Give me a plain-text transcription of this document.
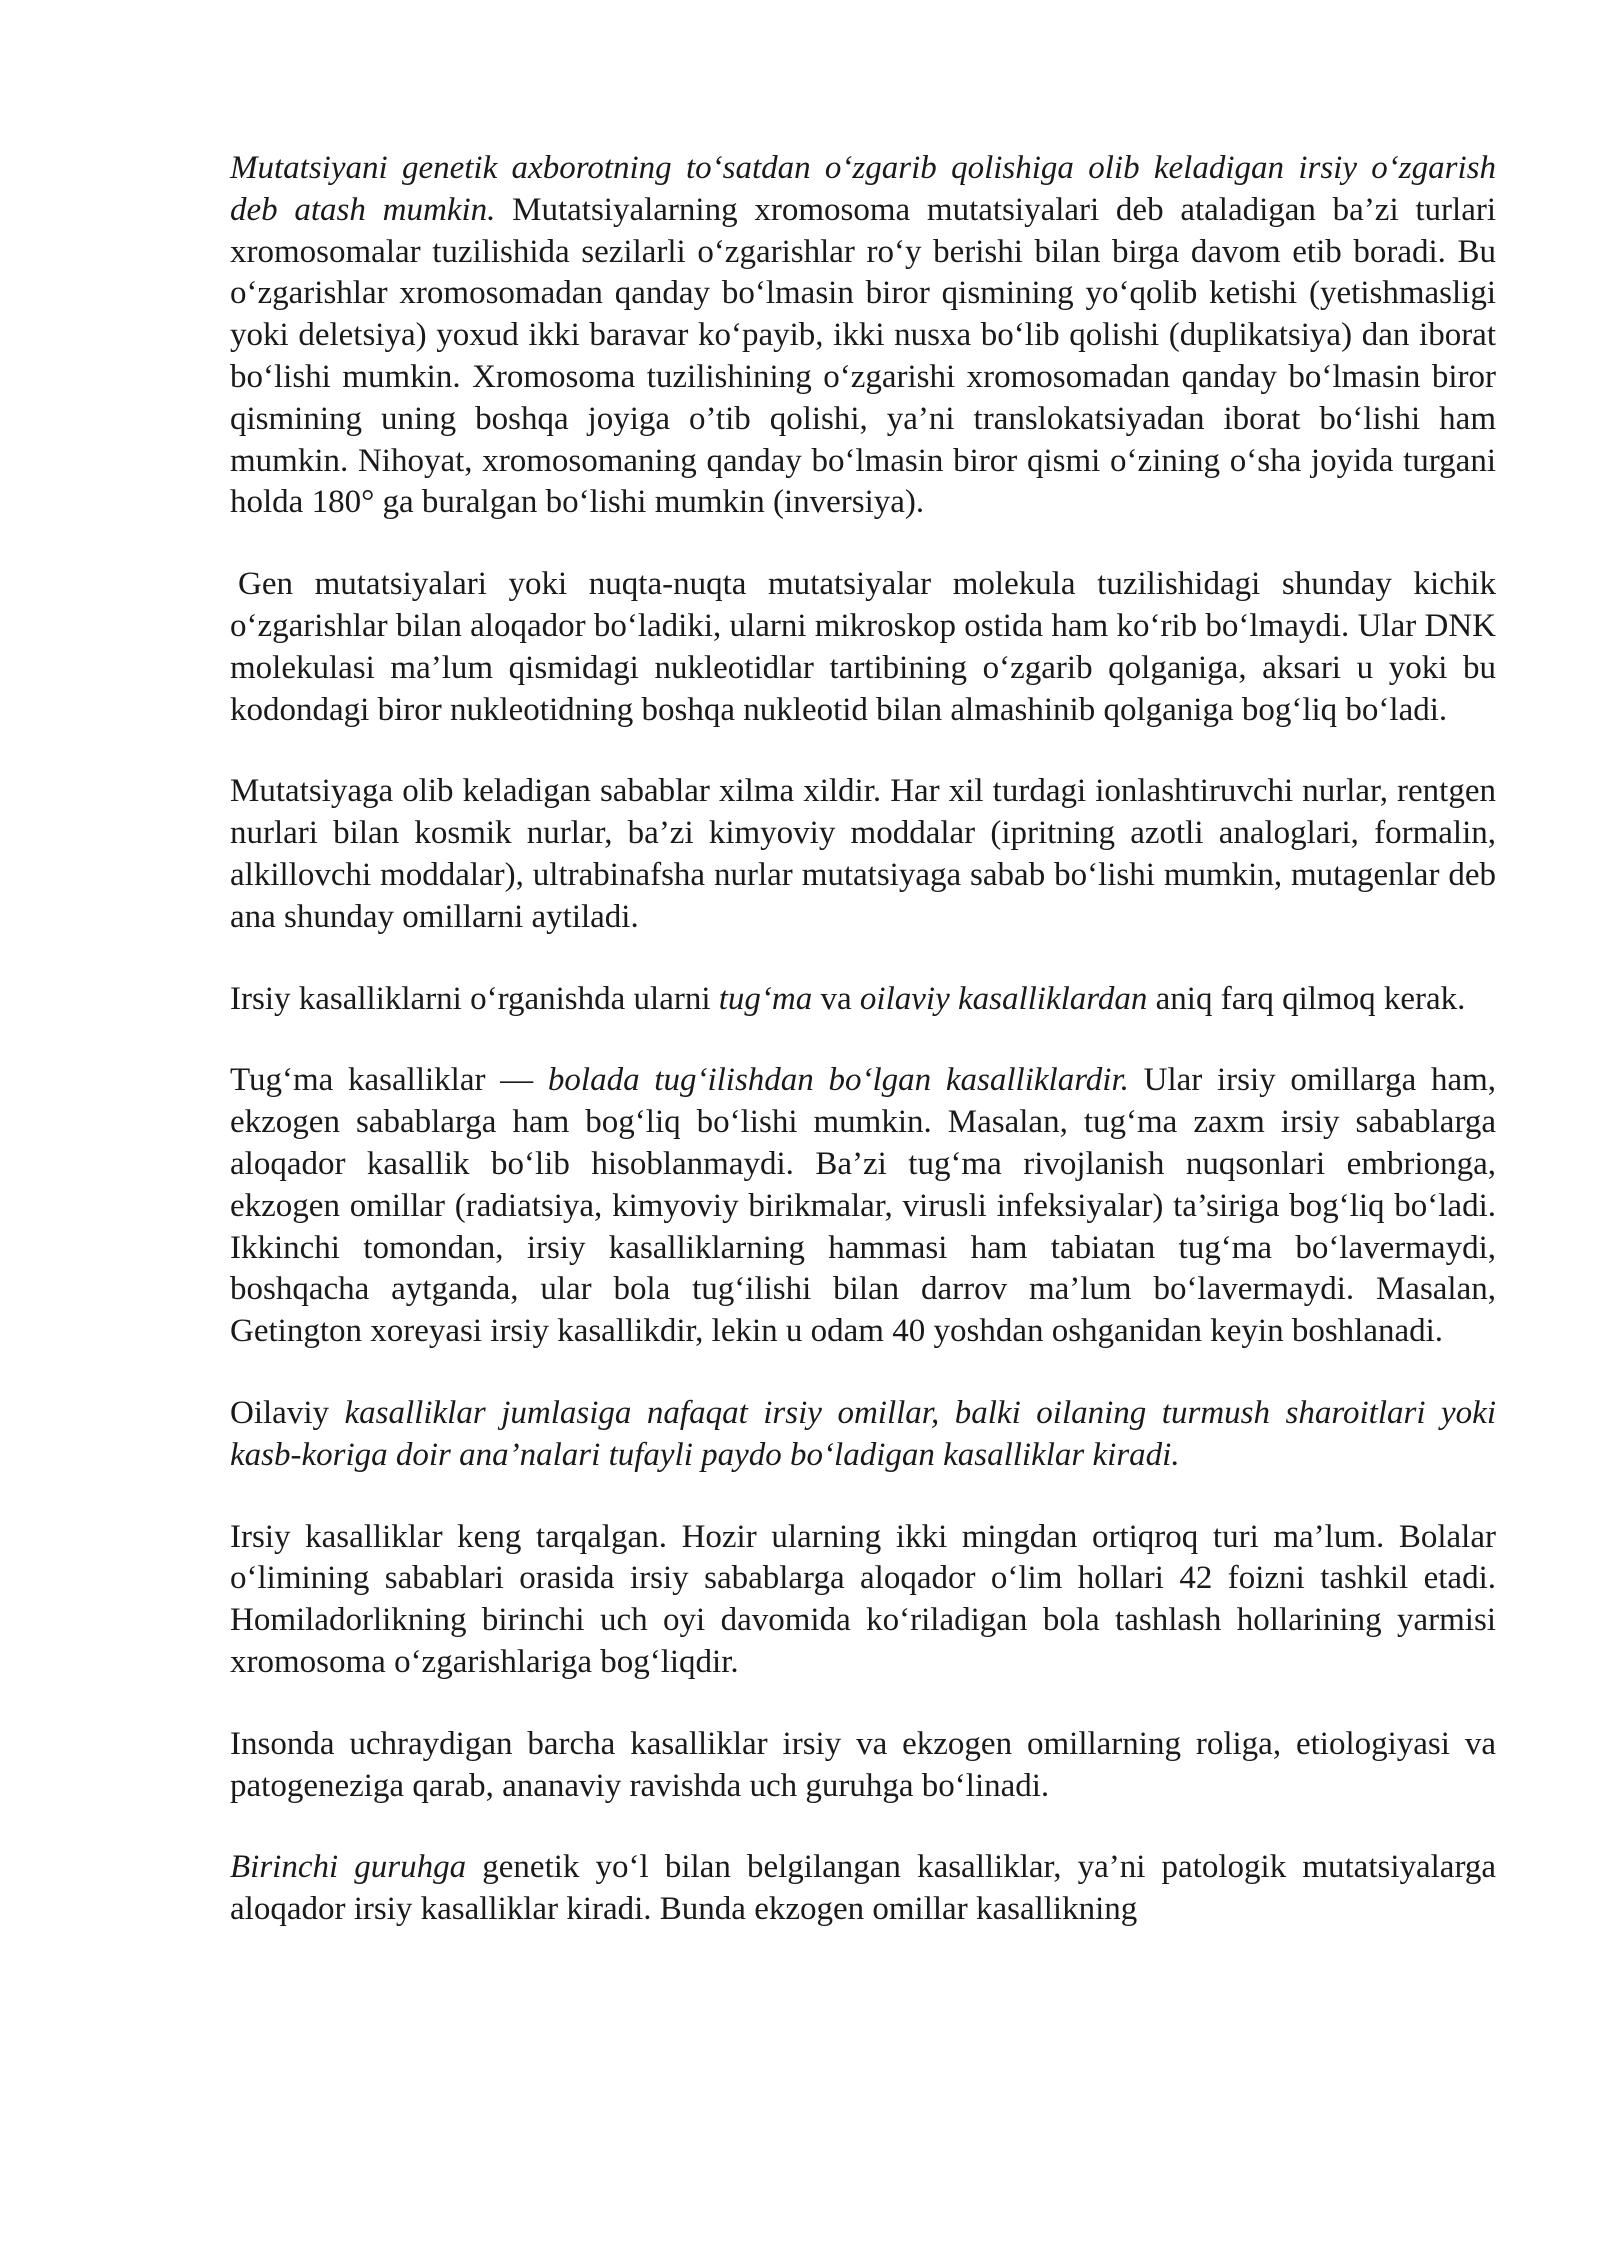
Mutatsiyani genetik axborotning toʻsatdan oʻzgarib qolishiga olib keladigan irsiy oʻzgarish deb atash mumkin. Mutatsiyalarning xromosoma mutatsiyalari deb ataladigan ba’zi turlari xromosomalar tuzilishida sezilarli oʻzgarishlar roʻy berishi bilan birga davom etib boradi. Bu oʻzgarishlar xromosomadan qanday boʻlmasin biror qismining yoʻqolib ketishi (yetishmasligi yoki deletsiya) yoxud ikki baravar koʻpayib, ikki nusxa boʻlib qolishi (duplikatsiya) dan iborat boʻlishi mumkin. Xromosoma tuzilishining oʻzgarishi xromosomadan qanday boʻlmasin biror qismining uning boshqa joyiga o’tib qolishi, ya’ni translokatsiyadan iborat boʻlishi ham mumkin. Nihoyat, xromosomaning qanday boʻlmasin biror qismi oʻzining oʻsha joyida turgani holda 180° ga buralgan boʻlishi mumkin (inversiya).

Gen mutatsiyalari yoki nuqta-nuqta mutatsiyalar molekula tuzilishidagi shunday kichik oʻzgarishlar bilan aloqador boʻladiki, ularni mikroskop ostida ham koʻrib boʻlmaydi. Ular DNK molekulasi ma’lum qismidagi nukleotidlar tartibining oʻzgarib qolganiga, aksari u yoki bu kodondagi biror nukleotidning boshqa nukleotid bilan almashinib qolganiga bogʻliq boʻladi.

Mutatsiyaga olib keladigan sabablar xilma xildir. Har xil turdagi ionlashtiruvchi nurlar, rentgen nurlari bilan kosmik nurlar, ba’zi kimyoviy moddalar (ipritning azotli analoglari, formalin, alkillovchi moddalar), ultrabinafsha nurlar mutatsiyaga sabab boʻlishi mumkin, mutagenlar deb ana shunday omillarni aytiladi.

Irsiy kasalliklarni oʻrganishda ularni tugʻma va oilaviy kasalliklardan aniq farq qilmoq kerak.

Tugʻma kasalliklar — bolada tugʻilishdan boʻlgan kasalliklardir. Ular irsiy omillarga ham, ekzogen sabablarga ham bogʻliq boʻlishi mumkin. Masalan, tugʻma zaxm irsiy sabablarga aloqador kasallik boʻlib hisoblanmaydi. Ba’zi tugʻma rivojlanish nuqsonlari embrionga, ekzogen omillar (radiatsiya, kimyoviy birikmalar, virusli infeksiyalar) ta’siriga bogʻliq boʻladi. Ikkinchi tomondan, irsiy kasalliklarning hammasi ham tabiatan tugʻma boʻlavermaydi, boshqacha aytganda, ular bola tugʻilishi bilan darrov ma’lum boʻlavermaydi. Masalan, Getington xoreyasi irsiy kasallikdir, lekin u odam 40 yoshdan oshganidan keyin boshlanadi.

Oilaviy kasalliklar jumlasiga nafaqat irsiy omillar, balki oilaning turmush sharoitlari yoki kasb-koriga doir ana’nalari tufayli paydo boʻladigan kasalliklar kiradi.

Irsiy kasalliklar keng tarqalgan. Hozir ularning ikki mingdan ortiqroq turi ma’lum. Bolalar oʻlimining sabablari orasida irsiy sabablarga aloqador oʻlim hollari 42 foizni tashkil etadi. Homiladorlikning birinchi uch oyi davomida koʻriladigan bola tashlash hollarining yarmisi xromosoma oʻzgarishlariga bogʻliqdir.

Insonda uchraydigan barcha kasalliklar irsiy va ekzogen omillarning roliga, etiologiyasi va patogeneziga qarab, ananaviy ravishda uch guruhga boʻlinadi.

Birinchi guruhga genetik yoʻl bilan belgilangan kasalliklar, ya’ni patologik mutatsiyalarga aloqador irsiy kasalliklar kiradi. Bunda ekzogen omillar kasallikning
